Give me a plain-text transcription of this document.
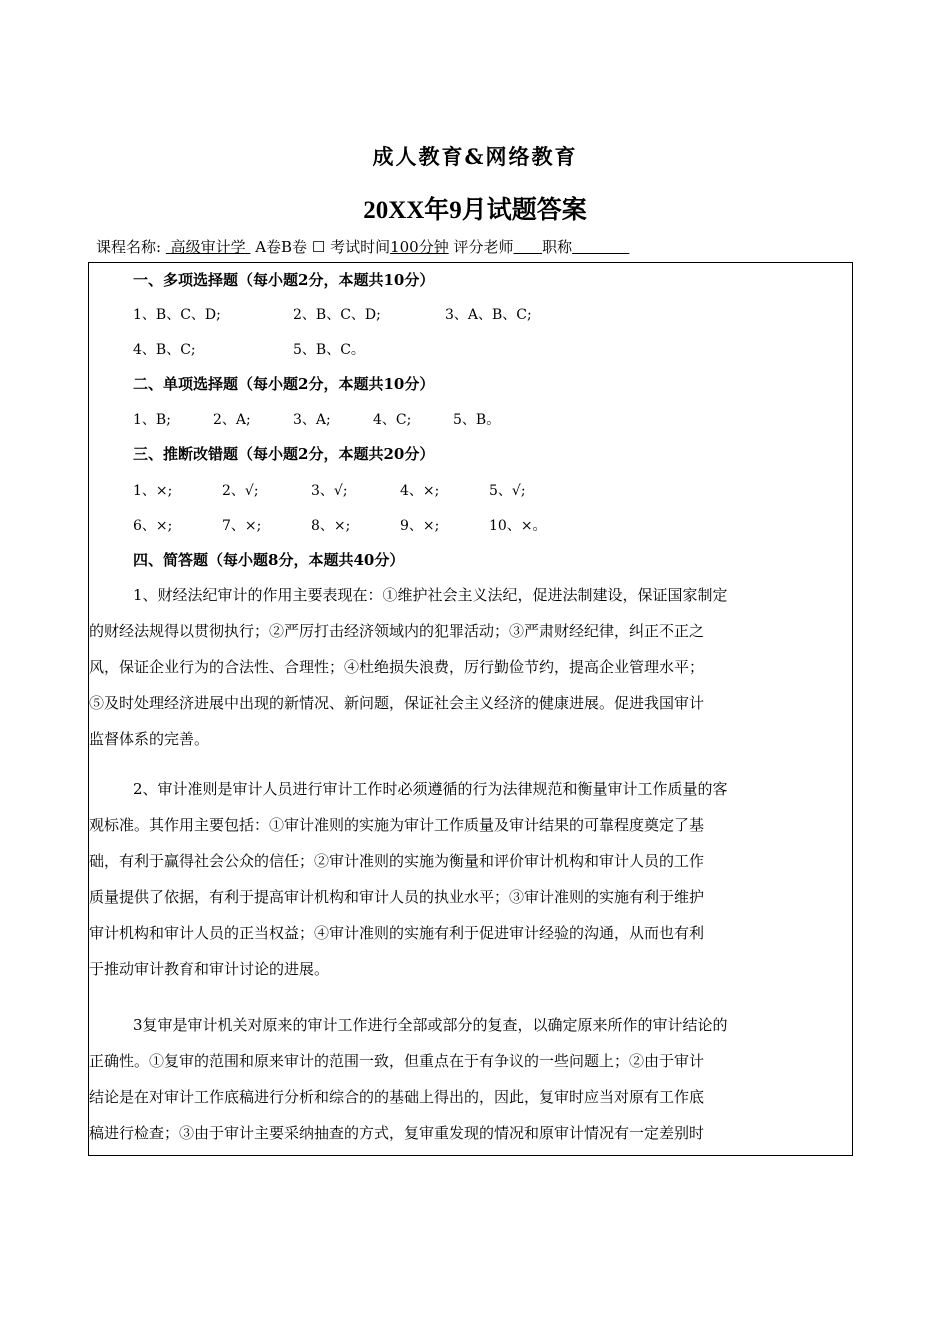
成人教育&网络教育
20XX年9月试题答案
课程名称: 高级审计学 A卷B卷 ☐ 考试时间100分钟 评分老师 职称
一、多项选择题（每小题2分，本题共10分）
1、B、C、D;	2、B、C、D;	3、A、B、C;
4、B、C;	5、B、C。
二、单项选择题（每小题2分，本题共10分）
1、B;	2、A;	3、A;	4、C;	5、B。
三、推断改错题（每小题2分，本题共20分）
1、×;	2、√;	3、√;	4、×;	5、√;
6、×;	7、×;	8、×;	9、×;	10、×。
四、简答题（每小题8分，本题共40分）

1、财经法纪审计的作用主要表现在：①维护社会主义法纪，促进法制建设，保证国家制定

的财经法规得以贯彻执行；②严厉打击经济领域内的犯罪活动；③严肃财经纪律，纠正不正之

风，保证企业行为的合法性、合理性；④杜绝损失浪费，厉行勤俭节约，提高企业管理水平；

⑤及时处理经济进展中出现的新情况、新问题，保证社会主义经济的健康进展。促进我国审计

监督体系的完善。

2、审计准则是审计人员进行审计工作时必须遵循的行为法律规范和衡量审计工作质量的客

观标准。其作用主要包括：①审计准则的实施为审计工作质量及审计结果的可靠程度奠定了基

础，有利于赢得社会公众的信任；②审计准则的实施为衡量和评价审计机构和审计人员的工作

质量提供了依据，有利于提高审计机构和审计人员的执业水平；③审计准则的实施有利于维护

审计机构和审计人员的正当权益；④审计准则的实施有利于促进审计经验的沟通，从而也有利

于推动审计教育和审计讨论的进展。

3复审是审计机关对原来的审计工作进行全部或部分的复查，以确定原来所作的审计结论的

正确性。①复审的范围和原来审计的范围一致，但重点在于有争议的一些问题上；②由于审计

结论是在对审计工作底稿进行分析和综合的的基础上得出的，因此，复审时应当对原有工作底

稿进行检查；③由于审计主要采纳抽查的方式，复审重发现的情况和原审计情况有一定差别时
